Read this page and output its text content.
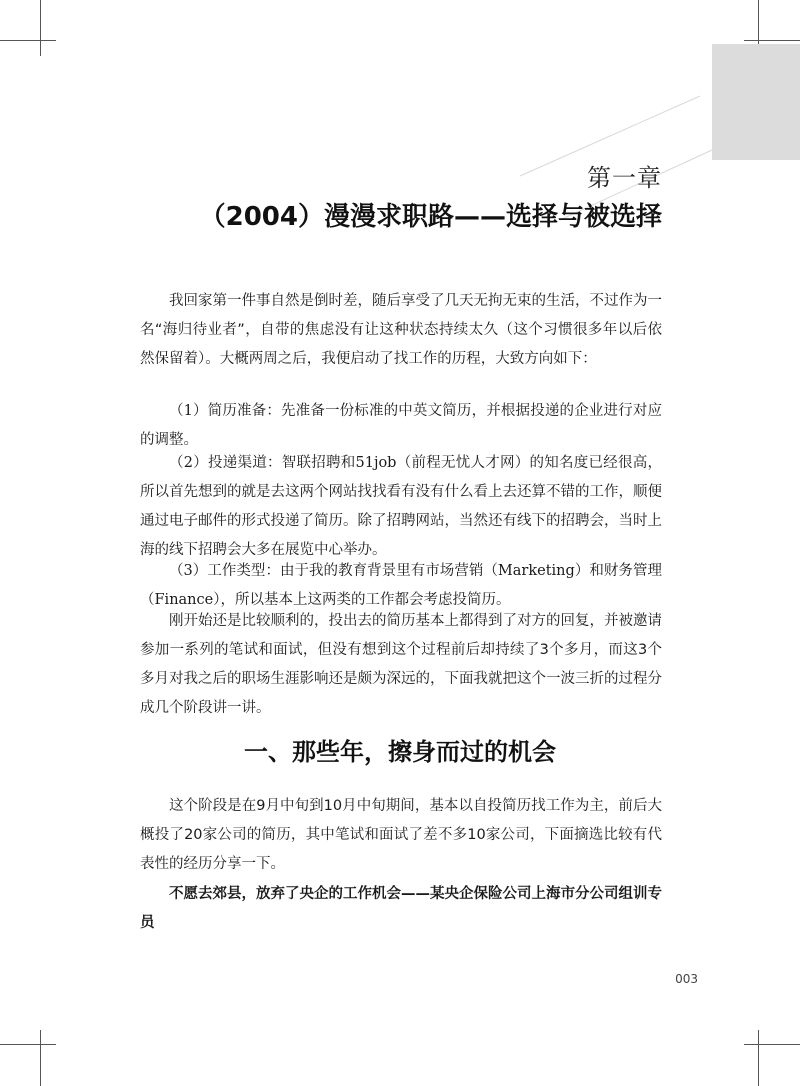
第一章
（2004）漫漫求职路——选择与被选择

我回家第一件事自然是倒时差，随后享受了几天无拘无束的生活，不过作为一名“海归待业者”，自带的焦虑没有让这种状态持续太久（这个习惯很多年以后依然保留着）。大概两周之后，我便启动了找工作的历程，大致方向如下：

（1）简历准备：先准备一份标准的中英文简历，并根据投递的企业进行对应的调整。

（2）投递渠道：智联招聘和51job（前程无忧人才网）的知名度已经很高，所以首先想到的就是去这两个网站找找看有没有什么看上去还算不错的工作，顺便通过电子邮件的形式投递了简历。除了招聘网站，当然还有线下的招聘会，当时上海的线下招聘会大多在展览中心举办。

（3）工作类型：由于我的教育背景里有市场营销（Marketing）和财务管理（Finance），所以基本上这两类的工作都会考虑投简历。

刚开始还是比较顺利的，投出去的简历基本上都得到了对方的回复，并被邀请参加一系列的笔试和面试，但没有想到这个过程前后却持续了3个多月，而这3个多月对我之后的职场生涯影响还是颇为深远的，下面我就把这个一波三折的过程分成几个阶段讲一讲。

一、那些年，擦身而过的机会

这个阶段是在9月中旬到10月中旬期间，基本以自投简历找工作为主，前后大概投了20家公司的简历，其中笔试和面试了差不多10家公司，下面摘选比较有代表性的经历分享一下。

不愿去郊县，放弃了央企的工作机会——某央企保险公司上海市分公司组训专员

003
